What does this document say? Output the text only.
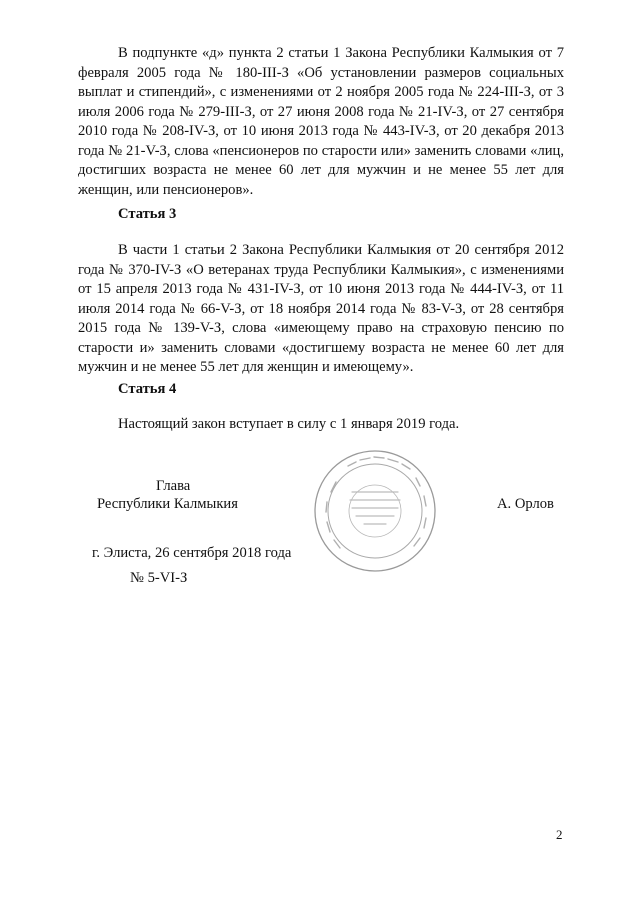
В подпункте «д» пункта 2 статьи 1 Закона Республики Калмыкия от 7 февраля 2005 года № 180-III-З «Об установлении размеров социальных выплат и стипендий», с изменениями от 2 ноября 2005 года № 224-III-З, от 3 июля 2006 года № 279-III-З, от 27 июня 2008 года № 21-IV-З, от 27 сентября 2010 года № 208-IV-З, от 10 июня 2013 года № 443-IV-З, от 20 декабря 2013 года № 21-V-З, слова «пенсионеров по старости или» заменить словами «лиц, достигших возраста не менее 60 лет для мужчин и не менее 55 лет для женщин, или пенсионеров».
Статья 3
В части 1 статьи 2 Закона Республики Калмыкия от 20 сентября 2012 года № 370-IV-З «О ветеранах труда Республики Калмыкия», с изменениями от 15 апреля 2013 года № 431-IV-З, от 10 июня 2013 года № 444-IV-З, от 11 июля 2014 года № 66-V-З, от 18 ноября 2014 года № 83-V-З, от 28 сентября 2015 года № 139-V-З, слова «имеющему право на страховую пенсию по старости и» заменить словами «достигшему возраста не менее 60 лет для мужчин и не менее 55 лет для женщин и имеющему».
Статья 4
Настоящий закон вступает в силу с 1 января 2019 года.
Глава
Республики Калмыкия	А. Орлов
г. Элиста, 26 сентября 2018 года
№ 5-VI-З
2
